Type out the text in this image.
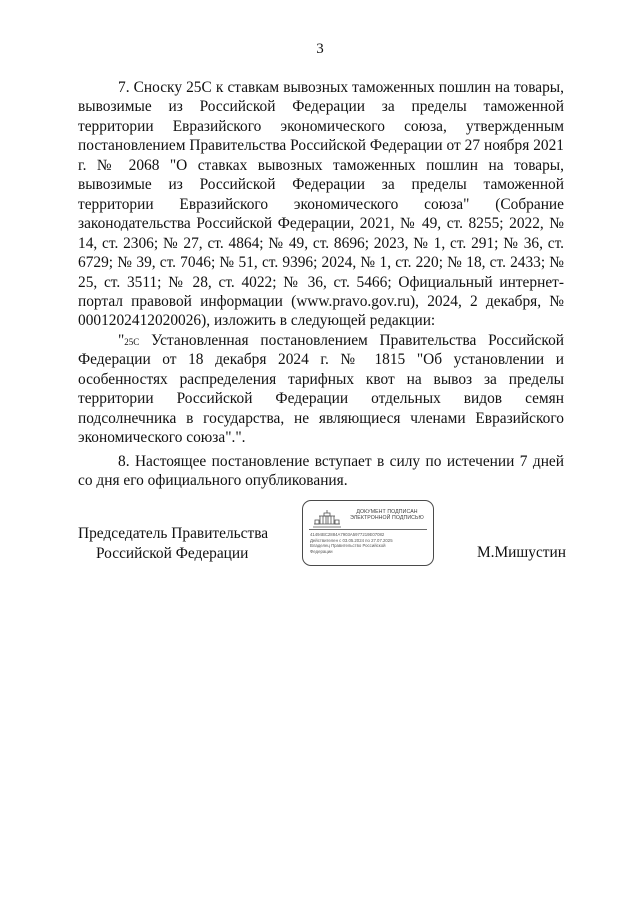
3

7. Сноску 25С к ставкам вывозных таможенных пошлин на товары, вывозимые из Российской Федерации за пределы таможенной территории Евразийского экономического союза, утвержденным постановлением Правительства Российской Федерации от 27 ноября 2021 г. № 2068 "О ставках вывозных таможенных пошлин на товары, вывозимые из Российской Федерации за пределы таможенной территории Евразийского экономического союза" (Собрание законодательства Российской Федерации, 2021, № 49, ст. 8255; 2022, № 14, ст. 2306; № 27, ст. 4864; № 49, ст. 8696; 2023, № 1, ст. 291; № 36, ст. 6729; № 39, ст. 7046; № 51, ст. 9396; 2024, № 1, ст. 220; № 18, ст. 2433; № 25, ст. 3511; № 28, ст. 4022; № 36, ст. 5466; Официальный интернет-портал правовой информации (www.pravo.gov.ru), 2024, 2 декабря, № 0001202412020026), изложить в следующей редакции:

"$^{25С}$ Установленная постановлением Правительства Российской Федерации от 18 декабря 2024 г. № 1815 "Об установлении и особенностях распределения тарифных квот на вывоз за пределы территории Российской Федерации отдельных видов семян подсолнечника в государства, не являющиеся членами Евразийского экономического союза".".

8. Настоящее постановление вступает в силу по истечении 7 дней со дня его официального опубликования.

Председатель Правительства
Российской Федерации
ДОКУМЕНТ ПОДПИСАН
ЭЛЕКТРОННОЙ ПОДПИСЬЮ
41494BC2884A7903A5977219E07082
Действителен с 03.05.2024 по 27.07.2025
Владелец Правительство Российской
Федерации	М.Мишустин
